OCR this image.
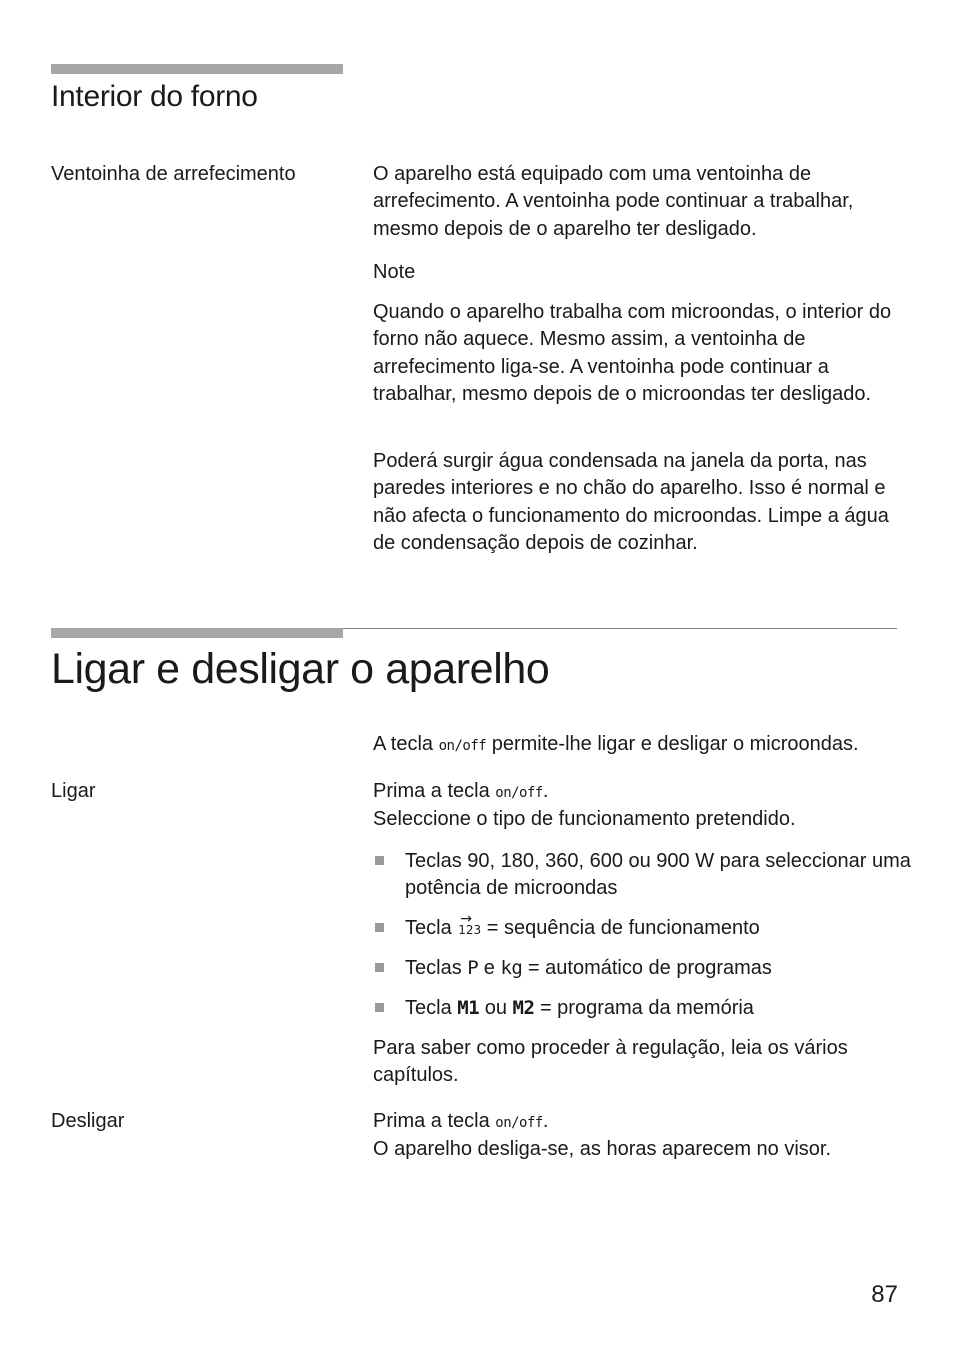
Interior do forno
Ventoinha de arrefecimento	O aparelho está equipado com uma ventoinha de arrefecimento. A ventoinha pode continuar a trabalhar, mesmo depois de o aparelho ter desligado.

Note

Quando o aparelho trabalha com microondas, o interior do forno não aquece. Mesmo assim, a ventoinha de arrefecimento liga-se. A ventoinha pode continuar a trabalhar, mesmo depois de o microondas ter desligado.

Poderá surgir água condensada na janela da porta, nas paredes interiores e no chão do aparelho. Isso é normal e não afecta o funcionamento do microondas. Limpe a água de condensação depois de cozinhar.

Ligar e desligar o aparelho

A tecla on/off permite-lhe ligar e desligar o microondas.

Ligar	Prima a tecla on/off.

Seleccione o tipo de funcionamento pretendido.

Teclas 90, 180, 360, 600 ou 900 W para seleccionar uma potência de microondas
Tecla →
123 = sequência de funcionamento
Teclas P e kg = automático de programas
Tecla M1 ou M2 = programa da memória

Para saber como proceder à regulação, leia os vários capítulos.

Desligar	Prima a tecla on/off.

O aparelho desliga-se, as horas aparecem no visor.

87
